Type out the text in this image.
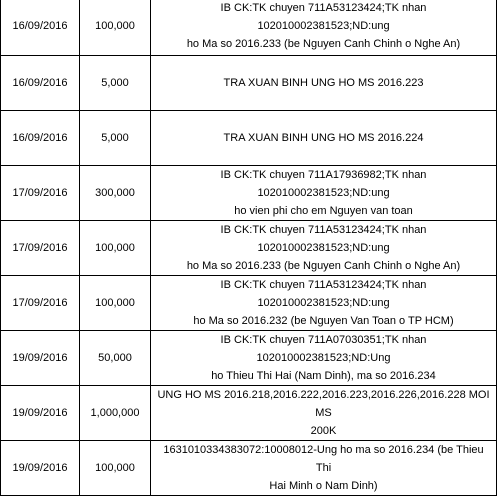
16/09/2016	100,000	IB CK:TK chuyen 711A53123424;TK nhan 102010002381523;ND:ung
ho Ma so 2016.233 (be Nguyen Canh Chinh o Nghe An)

16/09/2016	5,000	TRA XUAN BINH UNG HO MS 2016.223

16/09/2016	5,000	TRA XUAN BINH UNG HO MS 2016.224

17/09/2016	300,000	IB CK:TK chuyen 711A17936982;TK nhan 102010002381523;ND:ung
ho vien phi cho em Nguyen van toan

17/09/2016	100,000	IB CK:TK chuyen 711A53123424;TK nhan 102010002381523;ND:ung
ho Ma so 2016.233 (be Nguyen Canh Chinh o Nghe An)

17/09/2016	100,000	IB CK:TK chuyen 711A53123424;TK nhan 102010002381523;ND:ung
ho Ma so 2016.232 (be Nguyen Van Toan o TP HCM)

19/09/2016	50,000	IB CK:TK chuyen 711A07030351;TK nhan 102010002381523;ND:Ung
ho Thieu Thi Hai (Nam Dinh), ma so 2016.234

19/09/2016	1,000,000	UNG HO MS 2016.218,2016.222,2016.223,2016.226,2016.228 MOI MS
200K

19/09/2016	100,000	1631010334383072:10008012-Ung ho ma so 2016.234 (be Thieu Thi
Hai Minh o Nam Dinh)
